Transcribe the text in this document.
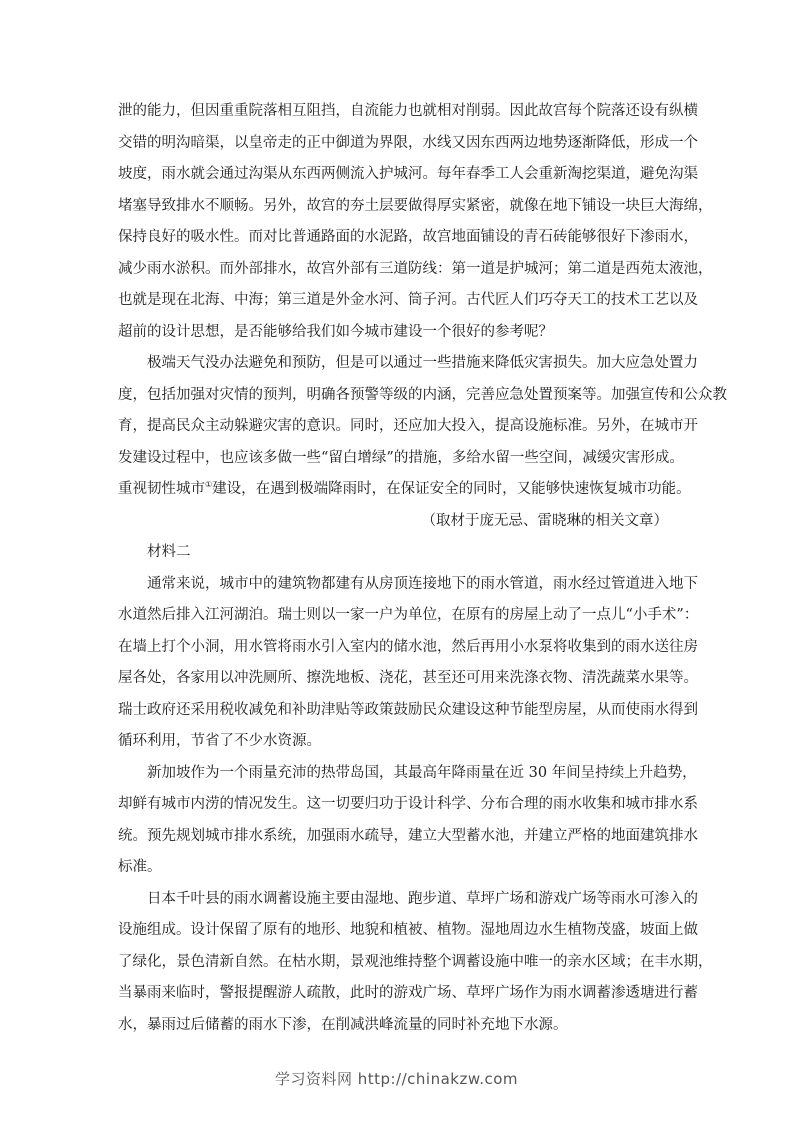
泄的能力，但因重重院落相互阻挡，自流能力也就相对削弱。因此故宫每个院落还设有纵横
交错的明沟暗渠，以皇帝走的正中御道为界限，水线又因东西两边地势逐渐降低，形成一个
坡度，雨水就会通过沟渠从东西两侧流入护城河。每年春季工人会重新淘挖渠道，避免沟渠
堵塞导致排水不顺畅。另外，故宫的夯土层要做得厚实紧密，就像在地下铺设一块巨大海绵，
保持良好的吸水性。而对比普通路面的水泥路，故宫地面铺设的青石砖能够很好下渗雨水，
减少雨水淤积。而外部排水，故宫外部有三道防线：第一道是护城河；第二道是西苑太液池，
也就是现在北海、中海；第三道是外金水河、筒子河。古代匠人们巧夺天工的技术工艺以及
超前的设计思想，是否能够给我们如今城市建设一个很好的参考呢？
极端天气没办法避免和预防，但是可以通过一些措施来降低灾害损失。加大应急处置力
度，包括加强对灾情的预判，明确各预警等级的内涵，完善应急处置预案等。加强宣传和公众教
育，提高民众主动躲避灾害的意识。同时，还应加大投入，提高设施标准。另外，在城市开
发建设过程中，也应该多做一些“留白增绿”的措施，多给水留一些空间，减缓灾害形成。
重视韧性城市①建设，在遇到极端降雨时，在保证安全的同时，又能够快速恢复城市功能。
（取材于庞无忌、雷晓琳的相关文章）
材料二
通常来说，城市中的建筑物都建有从房顶连接地下的雨水管道，雨水经过管道进入地下
水道然后排入江河湖泊。瑞士则以一家一户为单位，在原有的房屋上动了一点儿“小手术”：
在墙上打个小洞，用水管将雨水引入室内的储水池，然后再用小水泵将收集到的雨水送往房
屋各处，各家用以冲洗厕所、擦洗地板、浇花，甚至还可用来洗涤衣物、清洗蔬菜水果等。
瑞士政府还采用税收减免和补助津贴等政策鼓励民众建设这种节能型房屋，从而使雨水得到
循环利用，节省了不少水资源。
新加坡作为一个雨量充沛的热带岛国，其最高年降雨量在近 30 年间呈持续上升趋势，
却鲜有城市内涝的情况发生。这一切要归功于设计科学、分布合理的雨水收集和城市排水系
统。预先规划城市排水系统，加强雨水疏导，建立大型蓄水池，并建立严格的地面建筑排水
标准。
日本千叶县的雨水调蓄设施主要由湿地、跑步道、草坪广场和游戏广场等雨水可渗入的
设施组成。设计保留了原有的地形、地貌和植被、植物。湿地周边水生植物茂盛，坡面上做
了绿化，景色清新自然。在枯水期，景观池维持整个调蓄设施中唯一的亲水区域；在丰水期，
当暴雨来临时，警报提醒游人疏散，此时的游戏广场、草坪广场作为雨水调蓄渗透塘进行蓄
水，暴雨过后储蓄的雨水下渗，在削减洪峰流量的同时补充地下水源。
学习资料网 http://chinakzw.com
